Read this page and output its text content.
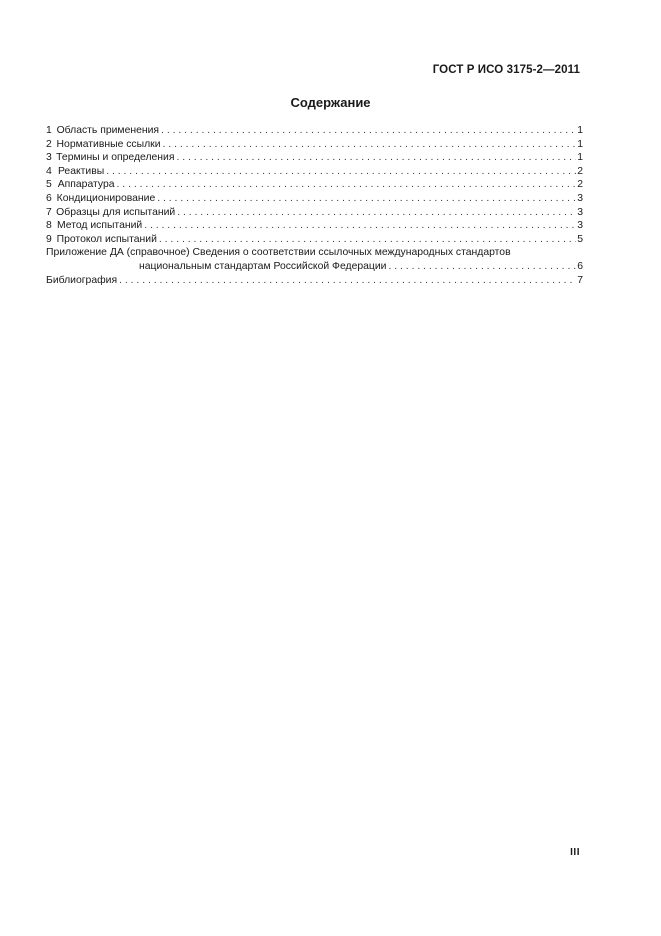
ГОСТ Р ИСО 3175-2—2011
Содержание
1 Область применения . . .	1
2 Нормативные ссылки . . .	1
3 Термины и определения . . .	1
4 Реактивы . . .	2
5 Аппаратура . . .	2
6 Кондиционирование . . .	3
7 Образцы для испытаний . . .	3
8 Метод испытаний . . .	3
9 Протокол испытаний . . .	5
Приложение ДА (справочное) Сведения о соответствии ссылочных международных стандартов
национальным стандартам Российской Федерации . . .	6
Библиография . . .	7
III
